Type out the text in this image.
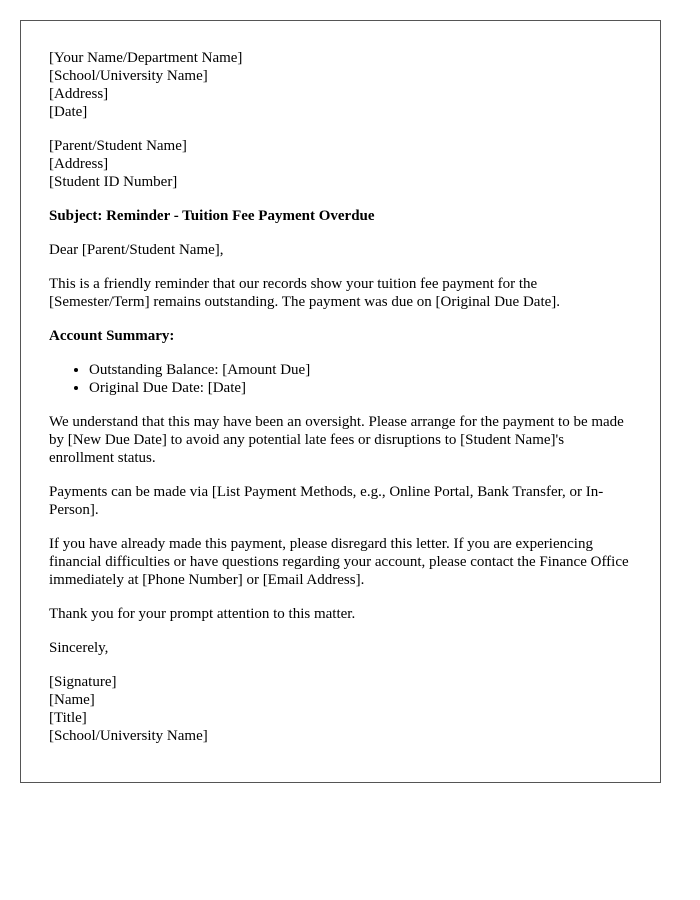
[Your Name/Department Name]
[School/University Name]
[Address]
[Date]

[Parent/Student Name]
[Address]
[Student ID Number]

Subject: Reminder - Tuition Fee Payment Overdue

Dear [Parent/Student Name],

This is a friendly reminder that our records show your tuition fee payment for the [Semester/Term] remains outstanding. The payment was due on [Original Due Date].

Account Summary:

• Outstanding Balance: [Amount Due]
• Original Due Date: [Date]

We understand that this may have been an oversight. Please arrange for the payment to be made by [New Due Date] to avoid any potential late fees or disruptions to [Student Name]'s enrollment status.

Payments can be made via [List Payment Methods, e.g., Online Portal, Bank Transfer, or In-Person].

If you have already made this payment, please disregard this letter. If you are experiencing financial difficulties or have questions regarding your account, please contact the Finance Office immediately at [Phone Number] or [Email Address].

Thank you for your prompt attention to this matter.

Sincerely,

[Signature]
[Name]
[Title]
[School/University Name]
